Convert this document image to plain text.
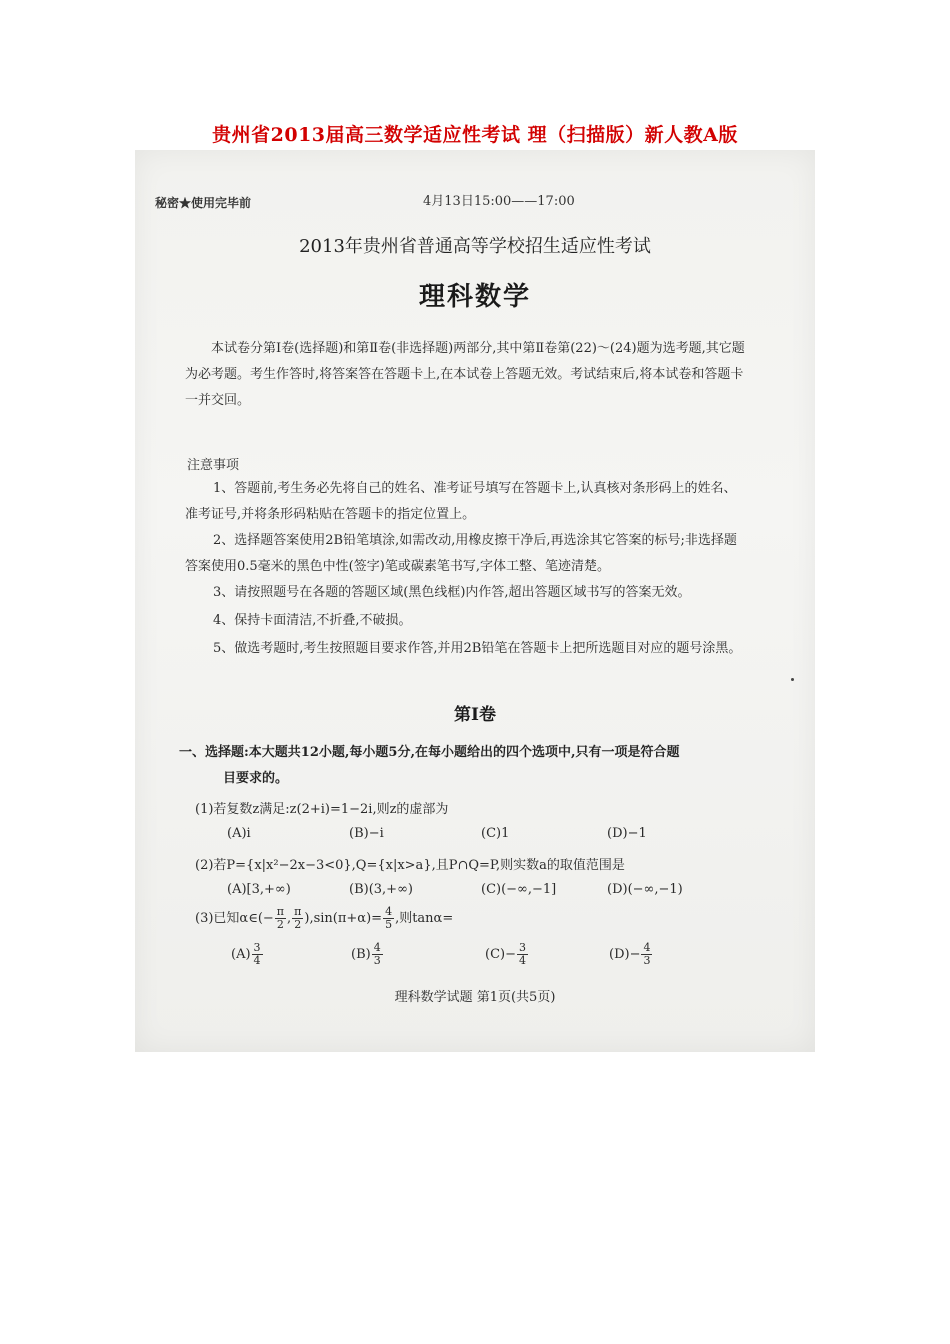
贵州省2013届高三数学适应性考试 理（扫描版）新人教A版
秘密★使用完毕前	4月13日15:00——17:00
2013年贵州省普通高等学校招生适应性考试
理科数学
本试卷分第Ⅰ卷(选择题)和第Ⅱ卷(非选择题)两部分,其中第Ⅱ卷第(22)～(24)题为选考题,其它题为必考题。考生作答时,将答案答在答题卡上,在本试卷上答题无效。考试结束后,将本试卷和答题卡一并交回。
注意事项
1、答题前,考生务必先将自己的姓名、准考证号填写在答题卡上,认真核对条形码上的姓名、准考证号,并将条形码粘贴在答题卡的指定位置上。
2、选择题答案使用2B铅笔填涂,如需改动,用橡皮擦干净后,再选涂其它答案的标号;非选择题答案使用0.5毫米的黑色中性(签字)笔或碳素笔书写,字体工整、笔迹清楚。
3、请按照题号在各题的答题区域(黑色线框)内作答,超出答题区域书写的答案无效。
4、保持卡面清洁,不折叠,不破损。
5、做选考题时,考生按照题目要求作答,并用2B铅笔在答题卡上把所选题目对应的题号涂黑。
第Ⅰ卷
一、选择题:本大题共12小题,每小题5分,在每小题给出的四个选项中,只有一项是符合题
目要求的。
(1)若复数z满足:z(2+i)=1−2i,则z的虚部为
(A)i	(B)−i	(C)1	(D)−1
(2)若P={x|x²−2x−3<0},Q={x|x>a},且P∩Q=P,则实数a的取值范围是
(A)[3,+∞)	(B)(3,+∞)	(C)(−∞,−1]	(D)(−∞,−1)
(3)已知α∈(− $\frac{\pi}{2}$ , $\frac{\pi}{2} ),\sin(\pi+\alpha)= \frac{4}{5}$ ,则tanα=
$(A) \frac{3}{4}$	$(B) \frac{4}{3}$	$(C)- \frac{3}{4}$	$(D)- \frac{4}{3}$
理科数学试题 第1页(共5页)
